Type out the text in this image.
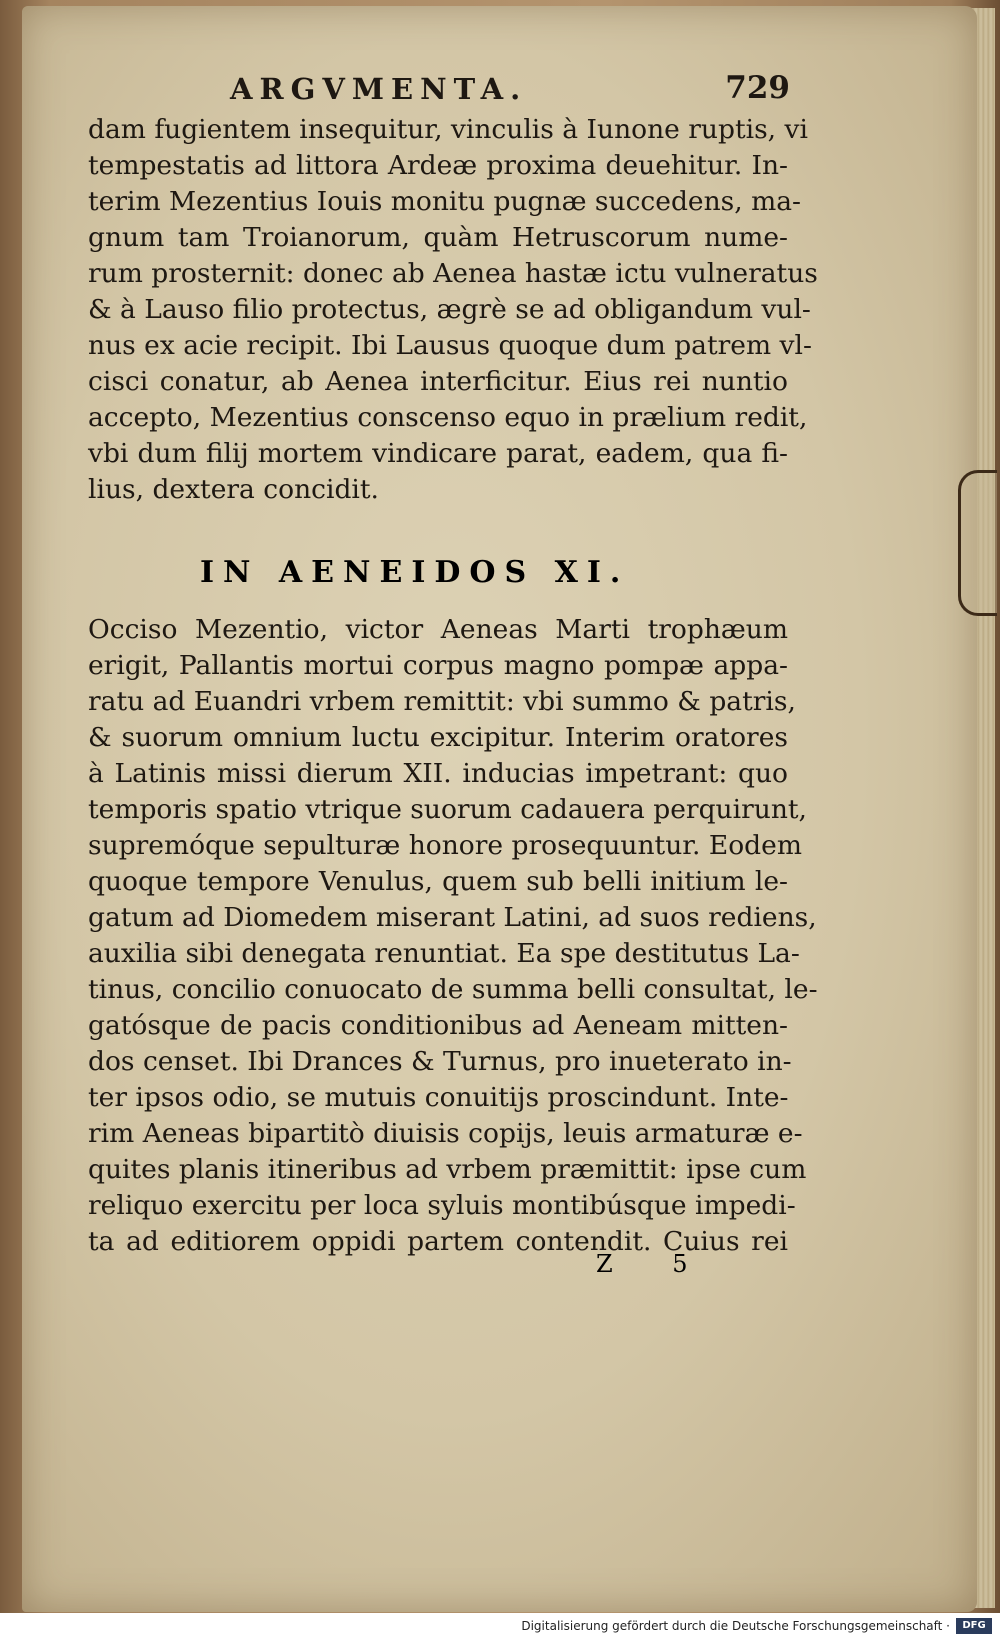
ARGVMENTA.	729
dam fugientem insequitur, vinculis à Iunone ruptis, vi
tempestatis ad littora Ardeæ proxima deuehitur. In-
terim Mezentius Iouis monitu pugnæ succedens, ma-
gnum tam Troianorum, quàm Hetruscorum nume-
rum prosternit: donec ab Aenea hastæ ictu vulneratus
& à Lauso filio protectus, ægrè se ad obligandum vul-
nus ex acie recipit. Ibi Lausus quoque dum patrem vl-
cisci conatur, ab Aenea interficitur. Eius rei nuntio
accepto, Mezentius conscenso equo in prælium redit,
vbi dum filij mortem vindicare parat, eadem, qua fi-
lius, dextera concidit.
IN AENEIDOS XI.
Occiso Mezentio, victor Aeneas Marti trophæum
erigit, Pallantis mortui corpus magno pompæ appa-
ratu ad Euandri vrbem remittit: vbi summo & patris,
& suorum omnium luctu excipitur. Interim oratores
à Latinis missi dierum XII. inducias impetrant: quo
temporis spatio vtrique suorum cadauera perquirunt,
supremóque sepulturæ honore prosequuntur. Eodem
quoque tempore Venulus, quem sub belli initium le-
gatum ad Diomedem miserant Latini, ad suos rediens,
auxilia sibi denegata renuntiat. Ea spe destitutus La-
tinus, concilio conuocato de summa belli consultat, le-
gatósque de pacis conditionibus ad Aeneam mitten-
dos censet. Ibi Drances & Turnus, pro inueterato in-
ter ipsos odio, se mutuis conuitijs proscindunt. Inte-
rim Aeneas bipartitò diuisis copijs, leuis armaturæ e-
quites planis itineribus ad vrbem præmittit: ipse cum
reliquo exercitu per loca syluis montibúsque impedi-
ta ad editiorem oppidi partem contendit. Cuius rei
Z 5
Digitalisierung gefördert durch die Deutsche Forschungsgemeinschaft ·	DFG
